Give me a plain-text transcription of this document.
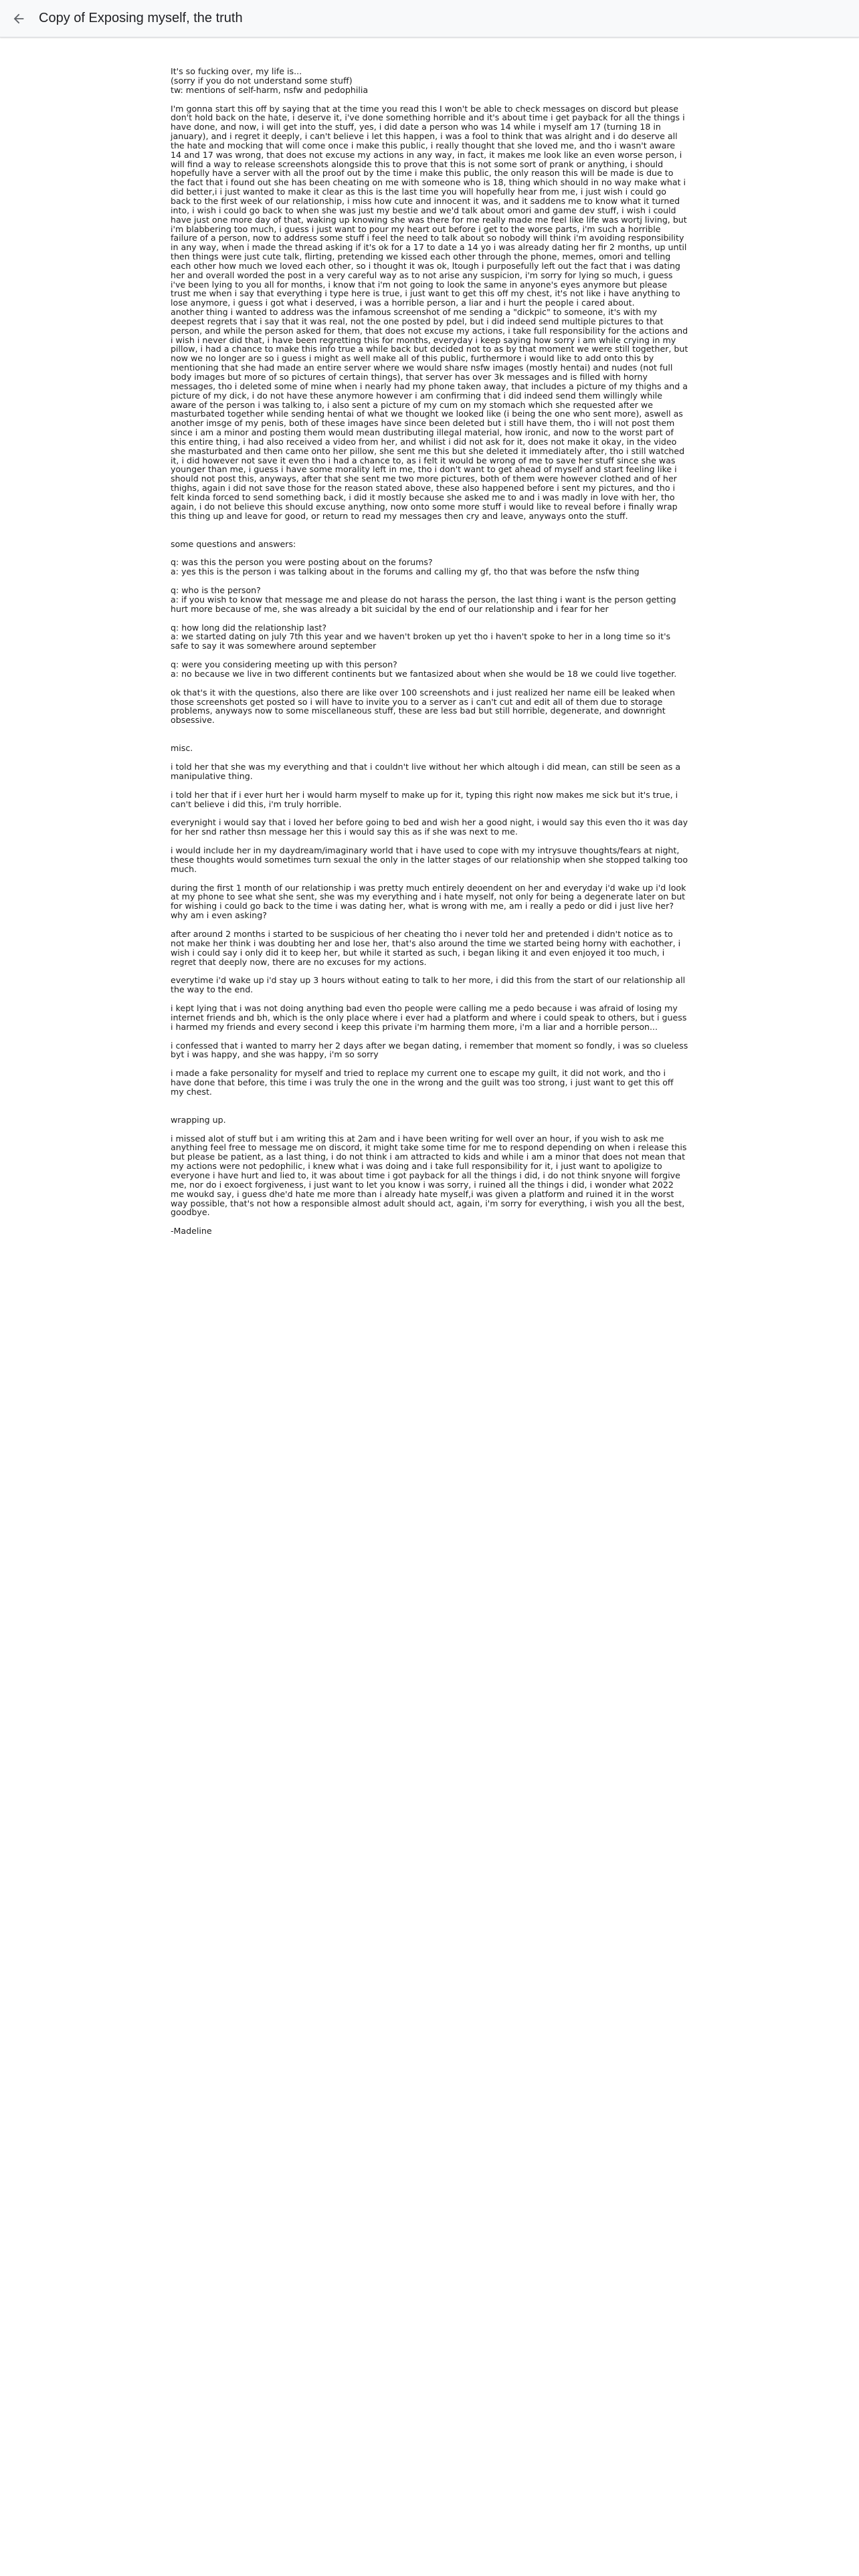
Copy of Exposing myself, the truth

It's so fucking over, my life is...

(sorry if you do not understand some stuff)

tw: mentions of self-harm, nsfw and pedophilia

I'm gonna start this off by saying that at the time you read this I won't be able to check messages on discord but please don't hold back on the hate, i deserve it, i've done something horrible and it's about time i get payback for all the things i have done, and now, i will get into the stuff, yes, i did date a person who was 14 while i myself am 17 (turning 18 in january), and i regret it deeply, i can't believe i let this happen, i was a fool to think that was alright and i do deserve all the hate and mocking that will come once i make this public, i really thought that she loved me, and tho i wasn't aware 14 and 17 was wrong, that does not excuse my actions in any way, in fact, it makes me look like an even worse person, i will find a way to release screenshots alongside this to prove that this is not some sort of prank or anything, i should hopefully have a server with all the proof out by the time i make this public, the only reason this will be made is due to the fact that i found out she has been cheating on me with someone who is 18, thing which should in no way make what i did better,i i just wanted to make it clear as this is the last time you will hopefully hear from me, i just wish i could go back to the first week of our relationship, i miss how cute and innocent it was, and it saddens me to know what it turned into, i wish i could go back to when she was just my bestie and we'd talk about omori and game dev stuff, i wish i could have just one more day of that, waking up knowing she was there for me really made me feel like life was wortj living, but i'm blabbering too much, i guess i just want to pour my heart out before i get to the worse parts, i'm such a horrible failure of a person, now to address some stuff i feel the need to talk about so nobody will think i'm avoiding responsibility in any way, when i made the thread asking if it's ok for a 17 to date a 14 yo i was already dating her fir 2 months, up until then things were just cute talk, flirting, pretending we kissed each other through the phone, memes, omori and telling each other how much we loved each other, so i thought it was ok, ltough i purposefully left out the fact that i was dating her and overall worded the post in a very careful way as to not arise any suspicion, i'm sorry for lying so much, i guess i've been lying to you all for months, i know that i'm not going to look the same in anyone's eyes anymore but please trust me when i say that everything i type here is true, i just want to get this off my chest, it's not like i have anything to lose anymore, i guess i got what i deserved, i was a horrible person, a liar and i hurt the people i cared about.

another thing i wanted to address was the infamous screenshot of me sending a "dickpic" to someone, it's with my deepest regrets that i say that it was real, not the one posted by pdel, but i did indeed send multiple pictures to that person, and while the person asked for them, that does not excuse my actions, i take full responsibility for the actions and i wish i never did that, i have been regretting this for months, everyday i keep saying how sorry i am while crying in my pillow, i had a chance to make this info true a while back but decided not to as by that moment we were still together, but now we no longer are so i guess i might as well make all of this public, furthermore i would like to add onto this by mentioning that she had made an entire server where we would share nsfw images (mostly hentai) and nudes (not full body images but more of so pictures of certain things), that server has over 3k messages and is filled with horny messages, tho i deleted some of mine when i nearly had my phone taken away, that includes a picture of my thighs and a picture of my dick, i do not have these anymore however i am confirming that i did indeed send them willingly while aware of the person i was talking to, i also sent a picture of my cum on my stomach which she requested after we masturbated together while sending hentai of what we thought we looked like (i being the one who sent more), aswell as another imsge of my penis, both of these images have since been deleted but i still have them, tho i will not post them since i am a minor and posting them would mean dustributing illegal material, how ironic, and now to the worst part of this entire thing, i had also received a video from her, and whilist i did not ask for it, does not make it okay, in the video she masturbated and then came onto her pillow, she sent me this but she deleted it immediately after, tho i still watched it, i did however not save it even tho i had a chance to, as i felt it would be wrong of me to save her stuff since she was younger than me, i guess i have some morality left in me, tho i don't want to get ahead of myself and start feeling like i should not post this, anyways, after that she sent me two more pictures, both of them were however clothed and of her thighs, again i did not save those for the reason stated above, these also happened before i sent my pictures, and tho i felt kinda forced to send something back, i did it mostly because she asked me to and i was madly in love with her, tho again, i do not believe this should excuse anything, now onto some more stuff i would like to reveal before i finally wrap this thing up and leave for good, or return to read my messages then cry and leave, anyways onto the stuff.

some questions and answers:

q: was this the person you were posting about on the forums?
a: yes this is the person i was talking about in the forums and calling my gf, tho that was before the nsfw thing
q: who is the person?
a: if you wish to know that message me and please do not harass the person, the last thing i want is the person getting hurt more because of me, she was already a bit suicidal by the end of our relationship and i fear for her
q: how long did the relationship last?
a: we started dating on july 7th this year and we haven't broken up yet tho i haven't spoke to her in a long time so it's safe to say it was somewhere around september
q: were you considering meeting up with this person?
a: no because we live in two different continents but we fantasized about when she would be 18 we could live together.

ok that's it with the questions, also there are like over 100 screenshots and i just realized her name eill be leaked when those screenshots get posted so i will have to invite you to a server as i can't cut and edit all of them due to storage problems, anyways now to some miscellaneous stuff, these are less bad but still horrible, degenerate, and downright obsessive.

misc.

i told her that she was my everything and that i couldn't live without her which altough i did mean, can still be seen as a manipulative thing.

i told her that if i ever hurt her i would harm myself to make up for it, typing this right now makes me sick but it's true, i can't believe i did this, i'm truly horrible.

everynight i would say that i loved her before going to bed and wish her a good night, i would say this even tho it was day for her snd rather thsn message her this i would say this as if she was next to me.

i would include her in my daydream/imaginary world that i have used to cope with my intrysuve thoughts/fears at night, these thoughts would sometimes turn sexual the only in the latter stages of our relationship when she stopped talking too much.

during the first 1 month of our relationship i was pretty much entirely deoendent on her and everyday i'd wake up i'd look at my phone to see what she sent, she was my everything and i hate myself, not only for being a degenerate later on but for wishing i could go back to the time i was dating her, what is wrong with me, am i really a pedo or did i just live her? why am i even asking?

after around 2 months i started to be suspicious of her cheating tho i never told her and pretended i didn't notice as to not make her think i was doubting her and lose her, that's also around the time we started being horny with eachother, i wish i could say i only did it to keep her, but while it started as such, i began liking it and even enjoyed it too much, i regret that deeply now, there are no excuses for my actions.

everytime i'd wake up i'd stay up 3 hours without eating to talk to her more, i did this from the start of our relationship all the way to the end.

i kept lying that i was not doing anything bad even tho people were calling me a pedo because i was afraid of losing my internet friends and bh, which is the only place where i ever had a platform and where i could speak to others, but i guess i harmed my friends and every second i keep this private i'm harming them more, i'm a liar and a horrible person...

i confessed that i wanted to marry her 2 days after we began dating, i remember that moment so fondly, i was so clueless byt i was happy, and she was happy, i'm so sorry

i made a fake personality for myself and tried to replace my current one to escape my guilt, it did not work, and tho i have done that before, this time i was truly the one in the wrong and the guilt was too strong, i just want to get this off my chest.

wrapping up.

i missed alot of stuff but i am writing this at 2am and i have been writing for well over an hour, if you wish to ask me anything feel free to message me on discord, it might take some time for me to respond depending on when i release this but please be patient, as a last thing, i do not think i am attracted to kids and while i am a minor that does not mean that my actions were not pedophilic, i knew what i was doing and i take full responsibility for it, i just want to apoligize to everyone i have hurt and lied to, it was about time i got payback for all the things i did, i do not think snyone will forgive me, nor do i exoect forgiveness, i just want to let you know i was sorry, i ruined all the things i did, i wonder what 2022 me woukd say, i guess dhe'd hate me more than i already hate myself,i was given a platform and ruined it in the worst way possible, that's not how a responsible almost adult should act, again, i'm sorry for everything, i wish you all the best, goodbye.

-Madeline
